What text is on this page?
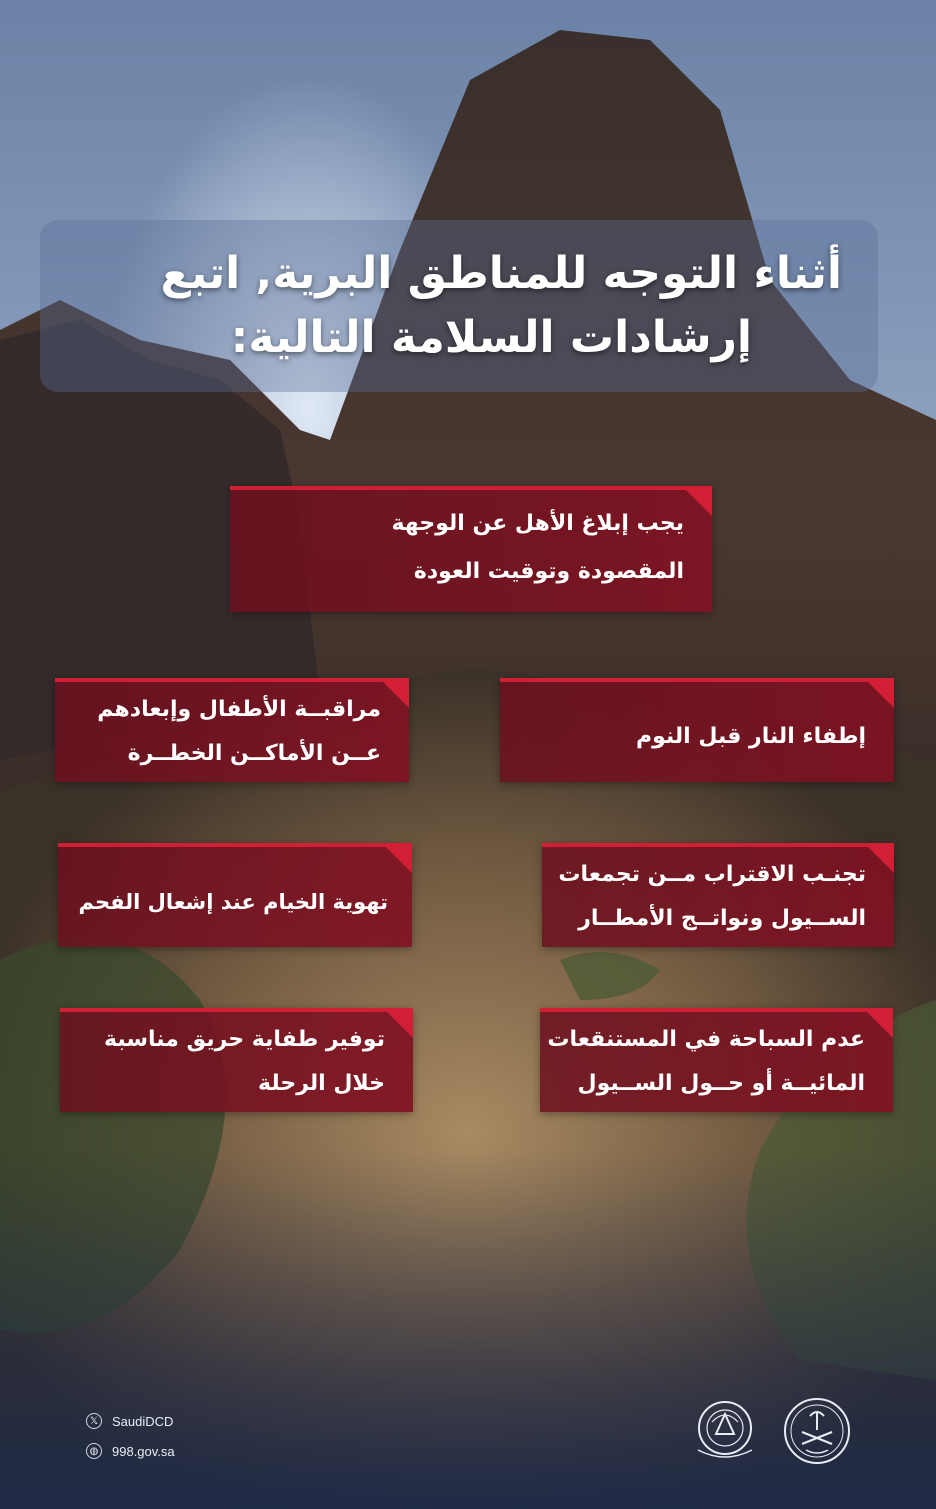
أثناء التوجه للمناطق البرية, اتبع
إرشادات السلامة التالية:
يجب إبلاغ الأهل عن الوجهة
المقصودة وتوقيت العودة
إطفاء النار قبل النوم
مراقبــة الأطفال وإبعادهم
عــن الأماكــن الخطــرة
تجنـب الاقتراب مــن تجمعات
الســيول ونواتــج الأمطــار
تهوية الخيام عند إشعال الفحم
عدم السباحة في المستنقعات
المائيــة أو حــول الســيول
توفير طفاية حريق مناسبة
خلال الرحلة
𝕏	SaudiDCD
◍ 998.gov.sa
